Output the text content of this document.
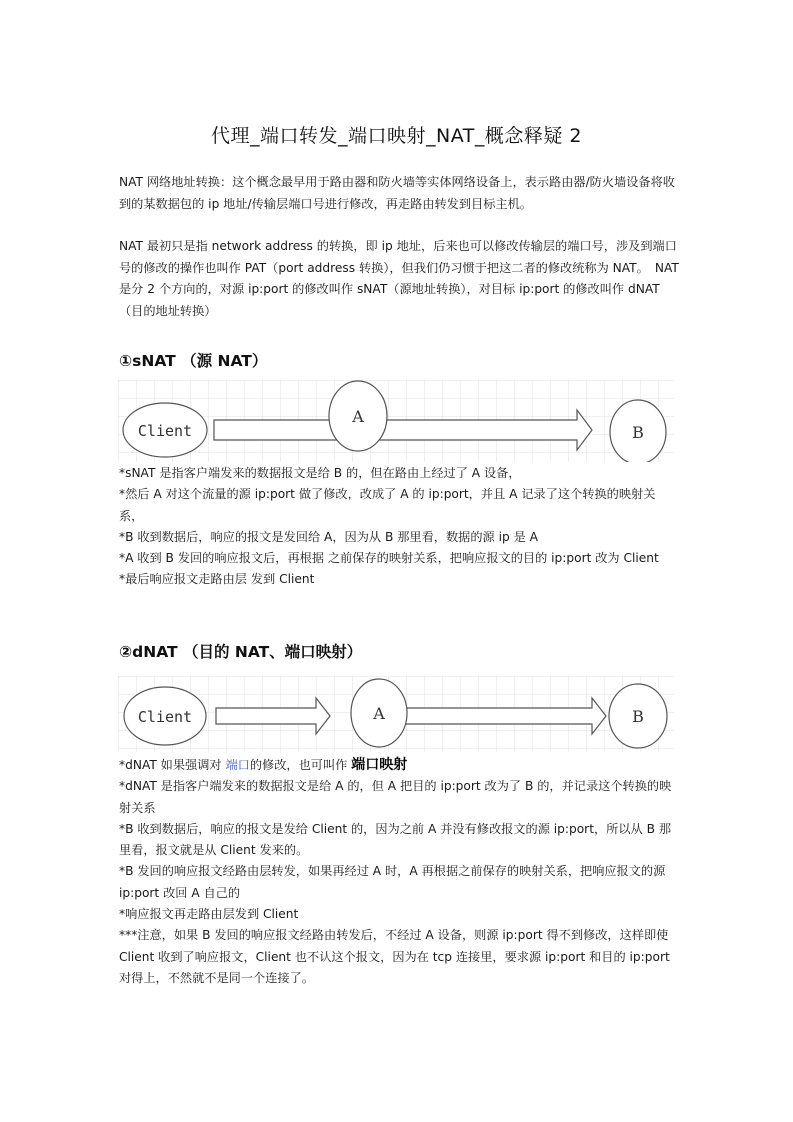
代理_端口转发_端口映射_NAT_概念释疑 2

NAT 网络地址转换：这个概念最早用于路由器和防火墙等实体网络设备上，表示路由器/防火墙设备将收到的某数据包的 ip 地址/传输层端口号进行修改，再走路由转发到目标主机。

NAT 最初只是指 network address 的转换，即 ip 地址，后来也可以修改传输层的端口号，涉及到端口号的修改的操作也叫作 PAT（port address 转换），但我们仍习惯于把这二者的修改统称为 NAT。　NAT 是分 2 个方向的，对源 ip:port 的修改叫作 sNAT（源地址转换），对目标 ip:port 的修改叫作 dNAT（目的地址转换）

①sNAT （源 NAT）
Client
A
B
*sNAT 是指客户端发来的数据报文是给 B 的，但在路由上经过了 A 设备，
*然后 A 对这个流量的源 ip:port 做了修改，改成了 A 的 ip:port，并且 A 记录了这个转换的映射关系，
*B 收到数据后，响应的报文是发回给 A，因为从 B 那里看，数据的源 ip 是 A
*A 收到 B 发回的响应报文后，再根据 之前保存的映射关系，把响应报文的目的 ip:port 改为 Client
*最后响应报文走路由层 发到 Client
②dNAT （目的 NAT、端口映射）
Client	A	B
*dNAT 如果强调对 端口的修改，也可叫作 端口映射
*dNAT 是指客户端发来的数据报文是给 A 的，但 A 把目的 ip:port 改为了 B 的，并记录这个转换的映射关系
*B 收到数据后，响应的报文是发给 Client 的，因为之前 A 并没有修改报文的源 ip:port，所以从 B 那里看，报文就是从 Client 发来的。
*B 发回的响应报文经路由层转发，如果再经过 A 时，A 再根据之前保存的映射关系，把响应报文的源 ip:port 改回 A 自己的
*响应报文再走路由层发到 Client
***注意，如果 B 发回的响应报文经路由转发后，不经过 A 设备，则源 ip:port 得不到修改，这样即使 Client 收到了响应报文，Client 也不认这个报文，因为在 tcp 连接里，要求源 ip:port 和目的 ip:port 对得上，不然就不是同一个连接了。
